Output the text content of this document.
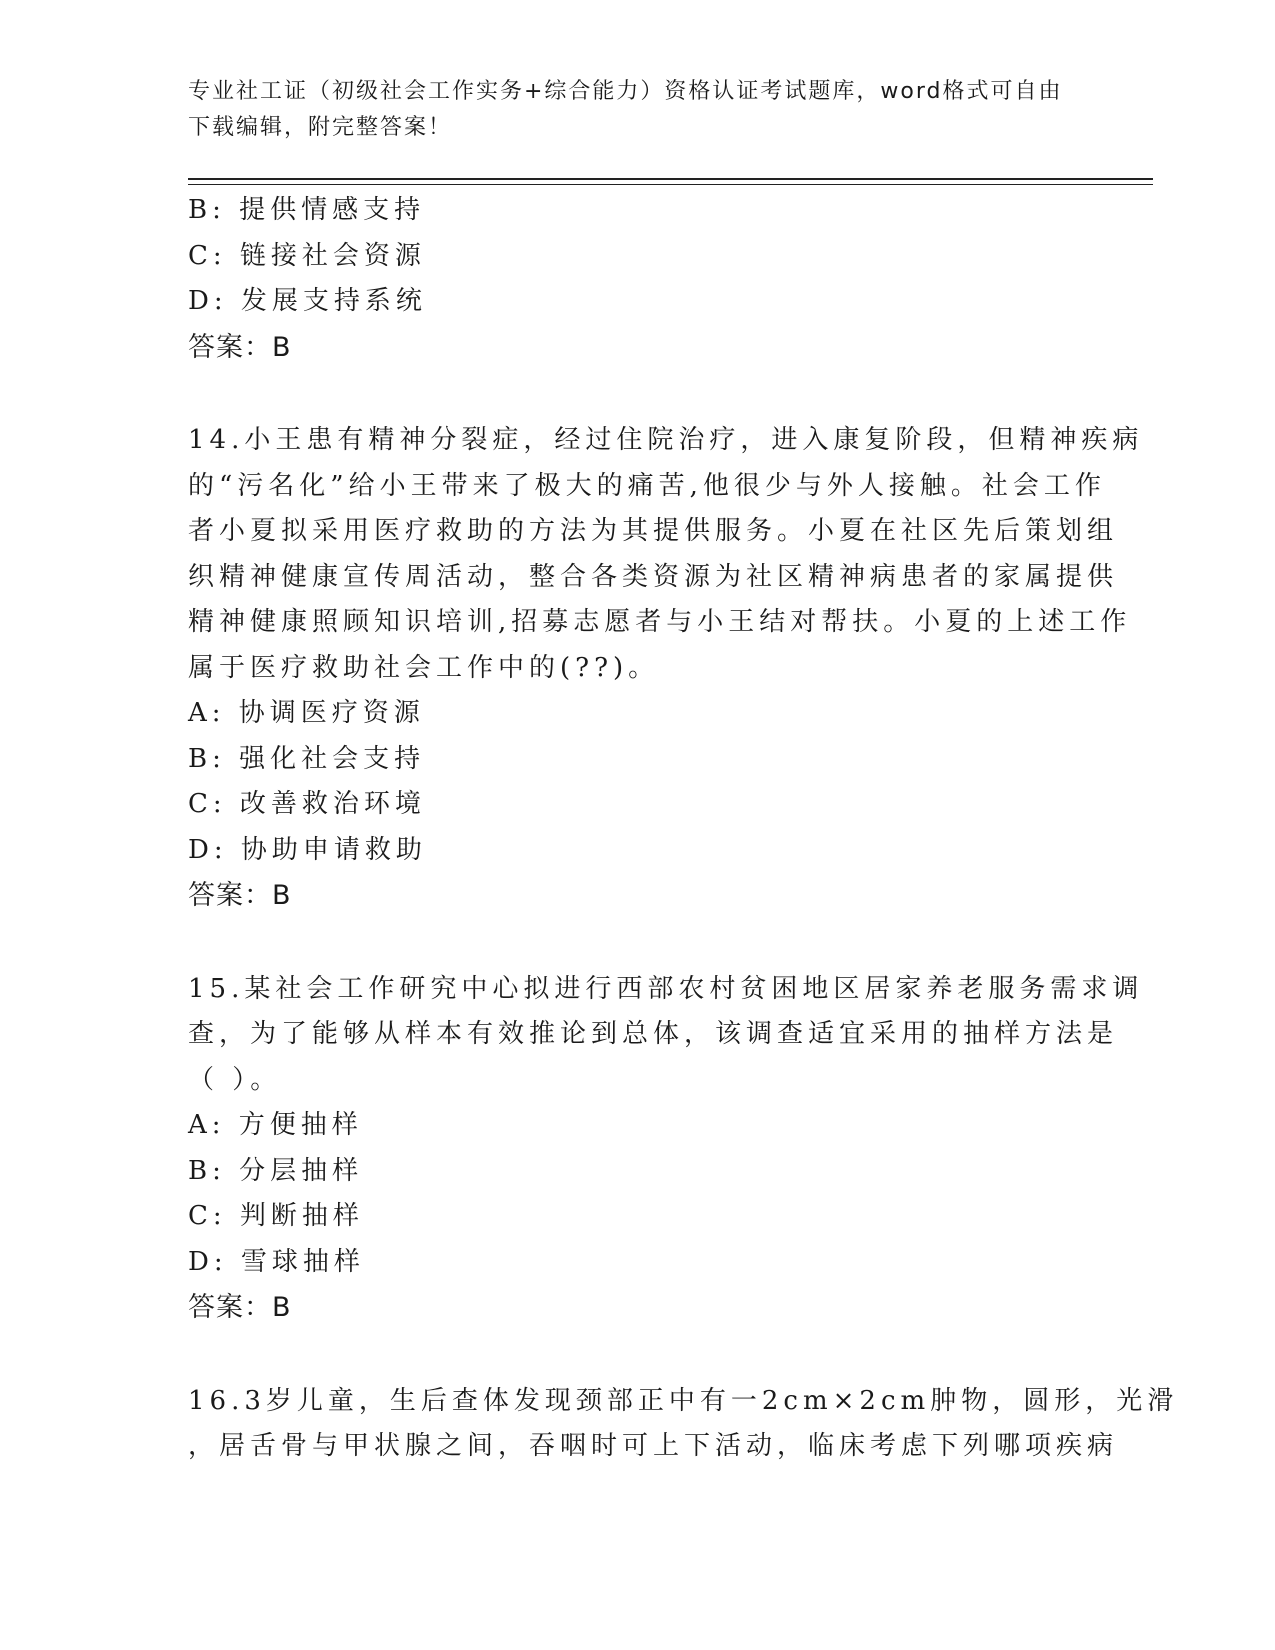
专业社工证（初级社会工作实务+综合能力）资格认证考试题库，word格式可自由
下载编辑，附完整答案！
B: 提供情感支持
C: 链接社会资源
D: 发展支持系统
答案：B
14.小王患有精神分裂症，经过住院治疗，进入康复阶段，但精神疾病
的“污名化”给小王带来了极大的痛苦,他很少与外人接触。社会工作
者小夏拟采用医疗救助的方法为其提供服务。小夏在社区先后策划组
织精神健康宣传周活动，整合各类资源为社区精神病患者的家属提供
精神健康照顾知识培训,招募志愿者与小王结对帮扶。小夏的上述工作
属于医疗救助社会工作中的(??)。
A: 协调医疗资源
B: 强化社会支持
C: 改善救治环境
D: 协助申请救助
答案：B
15.某社会工作研究中心拟进行西部农村贫困地区居家养老服务需求调
查，为了能够从样本有效推论到总体，该调查适宜采用的抽样方法是
（ ）。
A: 方便抽样
B: 分层抽样
C: 判断抽样
D: 雪球抽样
答案：B
16.3岁儿童，生后查体发现颈部正中有一2cm×2cm肿物，圆形，光滑
，居舌骨与甲状腺之间，吞咽时可上下活动，临床考虑下列哪项疾病
